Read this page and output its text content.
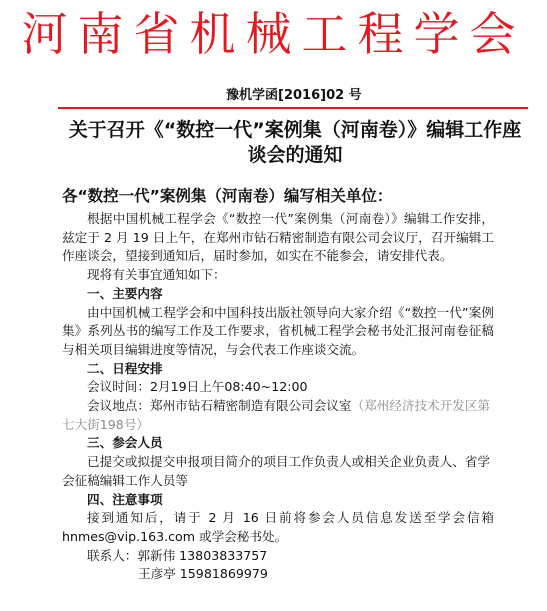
河南省机械工程学会
豫机学函[2016]02 号
关于召开《“数控一代”案例集（河南卷）》编辑工作座谈会的通知
各“数控一代”案例集（河南卷）编写相关单位：

根据中国机械工程学会《“数控一代”案例集（河南卷）》编辑工作安排，兹定于 2 月 19 日上午，在郑州市钻石精密制造有限公司会议厅，召开编辑工作座谈会，望接到通知后，届时参加，如实在不能参会，请安排代表。

现将有关事宜通知如下：

一、主要内容

由中国机械工程学会和中国科技出版社领导向大家介绍《“数控一代”案例集》系列丛书的编写工作及工作要求，省机械工程学会秘书处汇报河南卷征稿与相关项目编辑进度等情况，与会代表工作座谈交流。

二、日程安排

会议时间：2月19日上午08:40~12:00

会议地点：郑州市钻石精密制造有限公司会议室（郑州经济技术开发区第七大街198号）

三、参会人员

已提交或拟提交申报项目简介的项目工作负责人或相关企业负责人、省学会征稿编辑工作人员等

四、注意事项

接到通知后，请于 2 月 16 日前将参会人员信息发送至学会信箱hnmes@vip.163.com 或学会秘书处。

联系人：郭新伟 13803833757

王彦亭 15981869979
